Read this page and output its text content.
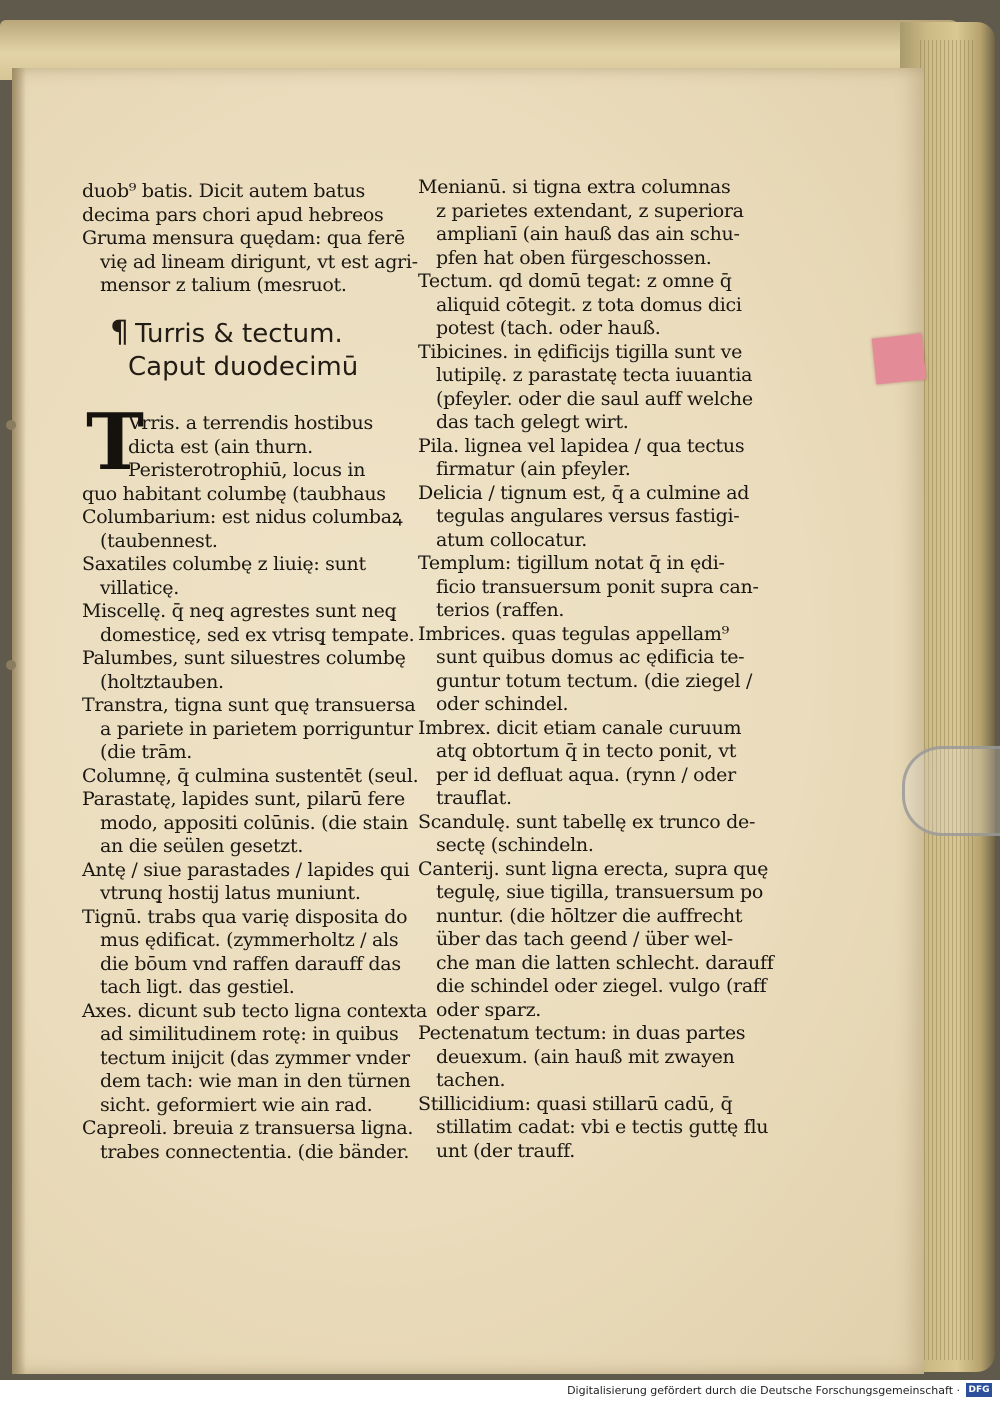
duob⁹ batis. Dicit autem batus
decima pars chori apud hebreos
Gruma mensura quędam: qua ferē
vię ad lineam dirigunt, vt est agri-
mensor z talium (mesruot.
¶ Turris & tectum.
Caput duodecimū
T
Vrris. a terrendis hostibus
dicta est (ain thurn.
Peristerotrophiū, locus in
quo habitant columbę (taubhaus
Columbarium: est nidus columbaꝝ
(taubennest.
Saxatiles columbę z liuię: sunt
villaticę.
Miscellę. q̄ neq̧ agrestes sunt neq̧
domesticę, sed ex vtrisq̧ tempate.
Palumbes, sunt siluestres columbę
(holtztauben.
Transtra, tigna sunt quę transuersa
a pariete in parietem porriguntur
(die trām.
Columnę, q̄ culmina sustentēt (seul.
Parastatę, lapides sunt, pilarū fere
modo, appositi colūnis. (die stain
an die seülen gesetzt.
Antę / siue parastades / lapides qui
vtrunq̧ hostij latus muniunt.
Tignū. trabs qua varię disposita do
mus ędificat. (zymmerholtz / als
die bōum vnd raffen darauff das
tach ligt. das gestiel.
Axes. dicunt sub tecto ligna contexta
ad similitudinem rotę: in quibus
tectum inijcit (das zymmer vnder
dem tach: wie man in den türnen
sicht. geformiert wie ain rad.
Capreoli. breuia z transuersa ligna.
trabes connectentia. (die bänder.
Menianū. si tigna extra columnas
z parietes extendant, z superiora
amplianī (ain hauß das ain schu-
pfen hat oben fürgeschossen.
Tectum. qd domū tegat: z omne q̄
aliquid cōtegit. z tota domus dici
potest (tach. oder hauß.
Tibicines. in ędificijs tigilla sunt ve
lutipilę. z parastatę tecta iuuantia
(pfeyler. oder die saul auff welche
das tach gelegt wirt.
Pila. lignea vel lapidea / qua tectus
firmatur (ain pfeyler.
Delicia / tignum est, q̄ a culmine ad
tegulas angulares versus fastigi-
atum collocatur.
Templum: tigillum notat q̄ in ędi-
ficio transuersum ponit supra can-
terios (raffen.
Imbrices. quas tegulas appellam⁹
sunt quibus domus ac ędificia te-
guntur totum tectum. (die ziegel /
oder schindel.
Imbrex. dicit etiam canale curuum
atq̧ obtortum q̄ in tecto ponit, vt
per id defluat aqua. (rynn / oder
trauflat.
Scandulę. sunt tabellę ex trunco de-
sectę (schindeln.
Canterij. sunt ligna erecta, supra quę
tegulę, siue tigilla, transuersum po
nuntur. (die hōltzer die auffrecht
über das tach geend / über wel-
che man die latten schlecht. darauff
die schindel oder ziegel. vulgo (raff
oder sparz.
Pectenatum tectum: in duas partes
deuexum. (ain hauß mit zwayen
tachen.
Stillicidium: quasi stillarū cadū, q̄
stillatim cadat: vbi e tectis guttę flu
unt (der trauff.
Digitalisierung gefördert durch die Deutsche Forschungsgemeinschaft · DFG
